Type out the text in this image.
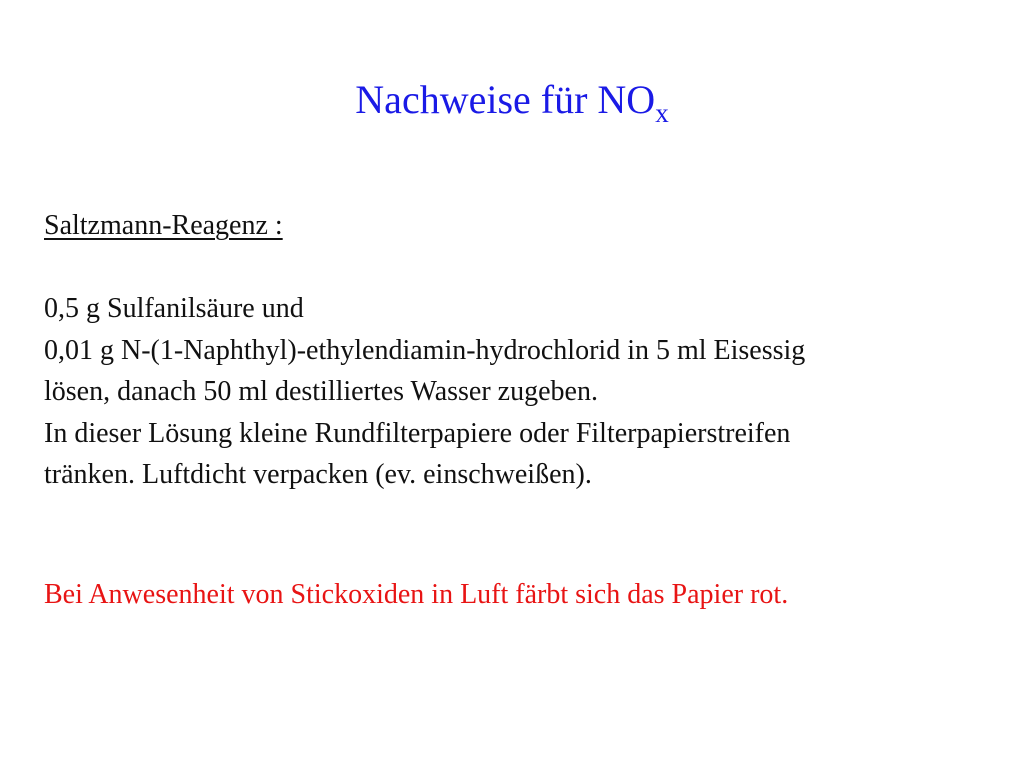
Nachweise für $NO_x$
Saltzmann-Reagenz :
0,5 g Sulfanilsäure und
0,01 g N-(1-Naphthyl)-ethylendiamin-hydrochlorid in 5 ml Eisessig
lösen, danach 50 ml destilliertes Wasser zugeben.
In dieser Lösung kleine Rundfilterpapiere oder Filterpapierstreifen
tränken. Luftdicht verpacken (ev. einschweißen).
Bei Anwesenheit von Stickoxiden in Luft färbt sich das Papier rot.
